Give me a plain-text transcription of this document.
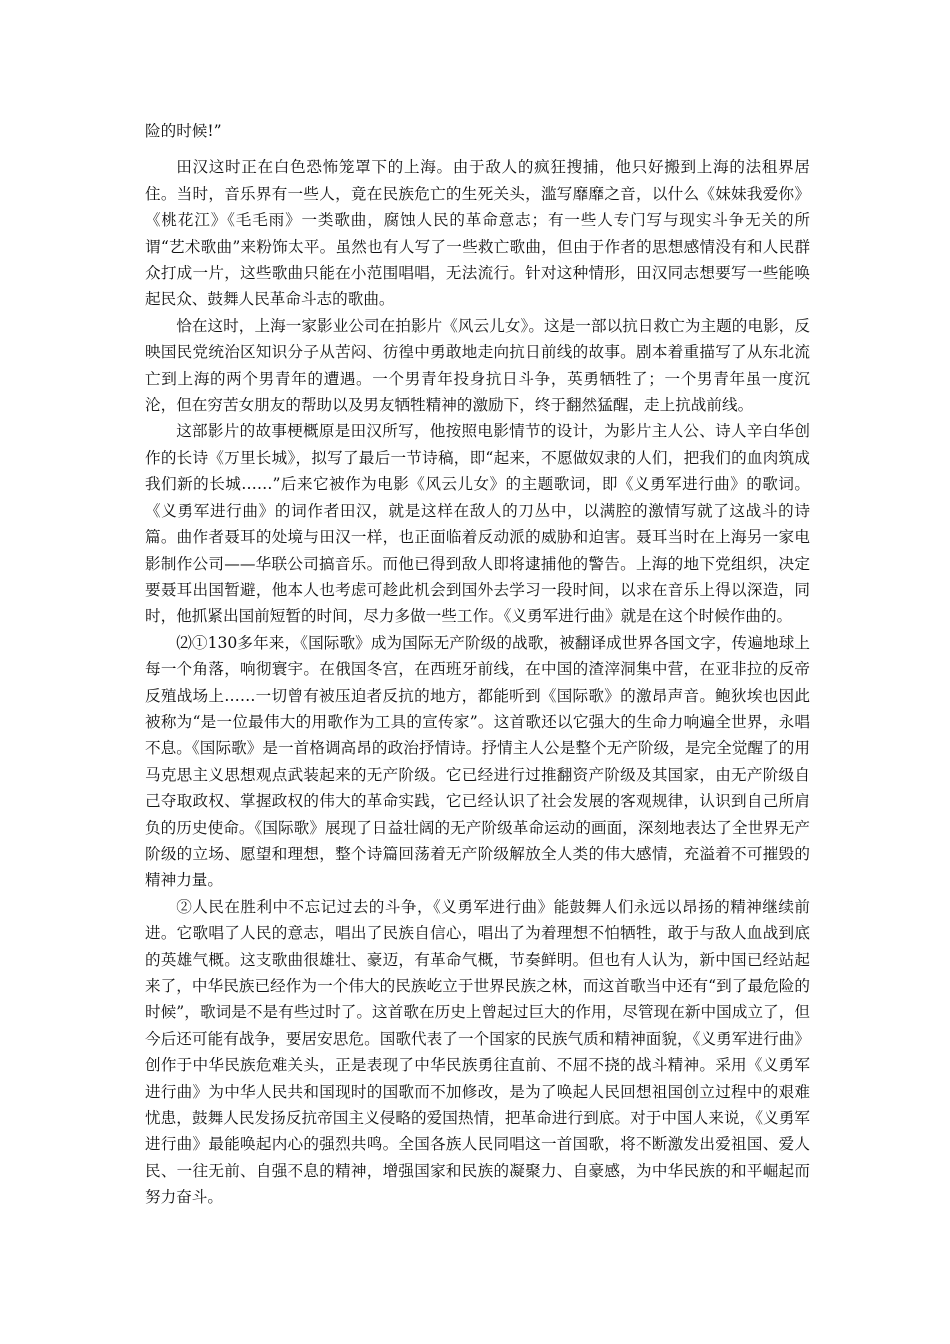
险的时候!”

田汉这时正在白色恐怖笼罩下的上海。由于敌人的疯狂搜捕，他只好搬到上海的法租界居住。当时，音乐界有一些人，竟在民族危亡的生死关头，滥写靡靡之音，以什么《妹妹我爱你》《桃花江》《毛毛雨》一类歌曲，腐蚀人民的革命意志；有一些人专门写与现实斗争无关的所谓“艺术歌曲”来粉饰太平。虽然也有人写了一些救亡歌曲，但由于作者的思想感情没有和人民群众打成一片，这些歌曲只能在小范围唱唱，无法流行。针对这种情形，田汉同志想要写一些能唤起民众、鼓舞人民革命斗志的歌曲。

恰在这时，上海一家影业公司在拍影片《风云儿女》。这是一部以抗日救亡为主题的电影，反映国民党统治区知识分子从苦闷、彷徨中勇敢地走向抗日前线的故事。剧本着重描写了从东北流亡到上海的两个男青年的遭遇。一个男青年投身抗日斗争，英勇牺牲了；一个男青年虽一度沉沦，但在穷苦女朋友的帮助以及男友牺牲精神的激励下，终于翻然猛醒，走上抗战前线。

这部影片的故事梗概原是田汉所写，他按照电影情节的设计，为影片主人公、诗人辛白华创作的长诗《万里长城》，拟写了最后一节诗稿，即“起来，不愿做奴隶的人们，把我们的血肉筑成我们新的长城……”后来它被作为电影《风云儿女》的主题歌词，即《义勇军进行曲》的歌词。《义勇军进行曲》的词作者田汉，就是这样在敌人的刀丛中，以满腔的激情写就了这战斗的诗篇。曲作者聂耳的处境与田汉一样，也正面临着反动派的威胁和迫害。聂耳当时在上海另一家电影制作公司——华联公司搞音乐。而他已得到敌人即将逮捕他的警告。上海的地下党组织，决定要聂耳出国暂避，他本人也考虑可趁此机会到国外去学习一段时间，以求在音乐上得以深造，同时，他抓紧出国前短暂的时间，尽力多做一些工作。《义勇军进行曲》就是在这个时候作曲的。

⑵①130多年来，《国际歌》成为国际无产阶级的战歌，被翻译成世界各国文字，传遍地球上每一个角落，响彻寰宇。在俄国冬宫，在西班牙前线，在中国的渣滓洞集中营，在亚非拉的反帝反殖战场上……一切曾有被压迫者反抗的地方，都能听到《国际歌》的激昂声音。鲍狄埃也因此被称为“是一位最伟大的用歌作为工具的宣传家”。这首歌还以它强大的生命力响遍全世界，永唱不息。《国际歌》是一首格调高昂的政治抒情诗。抒情主人公是整个无产阶级，是完全觉醒了的用马克思主义思想观点武装起来的无产阶级。它已经进行过推翻资产阶级及其国家，由无产阶级自己夺取政权、掌握政权的伟大的革命实践，它已经认识了社会发展的客观规律，认识到自己所肩负的历史使命。《国际歌》展现了日益壮阔的无产阶级革命运动的画面，深刻地表达了全世界无产阶级的立场、愿望和理想，整个诗篇回荡着无产阶级解放全人类的伟大感情，充溢着不可摧毁的精神力量。

②人民在胜利中不忘记过去的斗争，《义勇军进行曲》能鼓舞人们永远以昂扬的精神继续前进。它歌唱了人民的意志，唱出了民族自信心，唱出了为着理想不怕牺牲，敢于与敌人血战到底的英雄气概。这支歌曲很雄壮、豪迈，有革命气概，节奏鲜明。但也有人认为，新中国已经站起来了，中华民族已经作为一个伟大的民族屹立于世界民族之林，而这首歌当中还有“到了最危险的时候”，歌词是不是有些过时了。这首歌在历史上曾起过巨大的作用，尽管现在新中国成立了，但今后还可能有战争，要居安思危。国歌代表了一个国家的民族气质和精神面貌，《义勇军进行曲》创作于中华民族危难关头，正是表现了中华民族勇往直前、不屈不挠的战斗精神。采用《义勇军进行曲》为中华人民共和国现时的国歌而不加修改，是为了唤起人民回想祖国创立过程中的艰难忧患，鼓舞人民发扬反抗帝国主义侵略的爱国热情，把革命进行到底。对于中国人来说，《义勇军进行曲》最能唤起内心的强烈共鸣。全国各族人民同唱这一首国歌，将不断激发出爱祖国、爱人民、一往无前、自强不息的精神，增强国家和民族的凝聚力、自豪感，为中华民族的和平崛起而努力奋斗。
